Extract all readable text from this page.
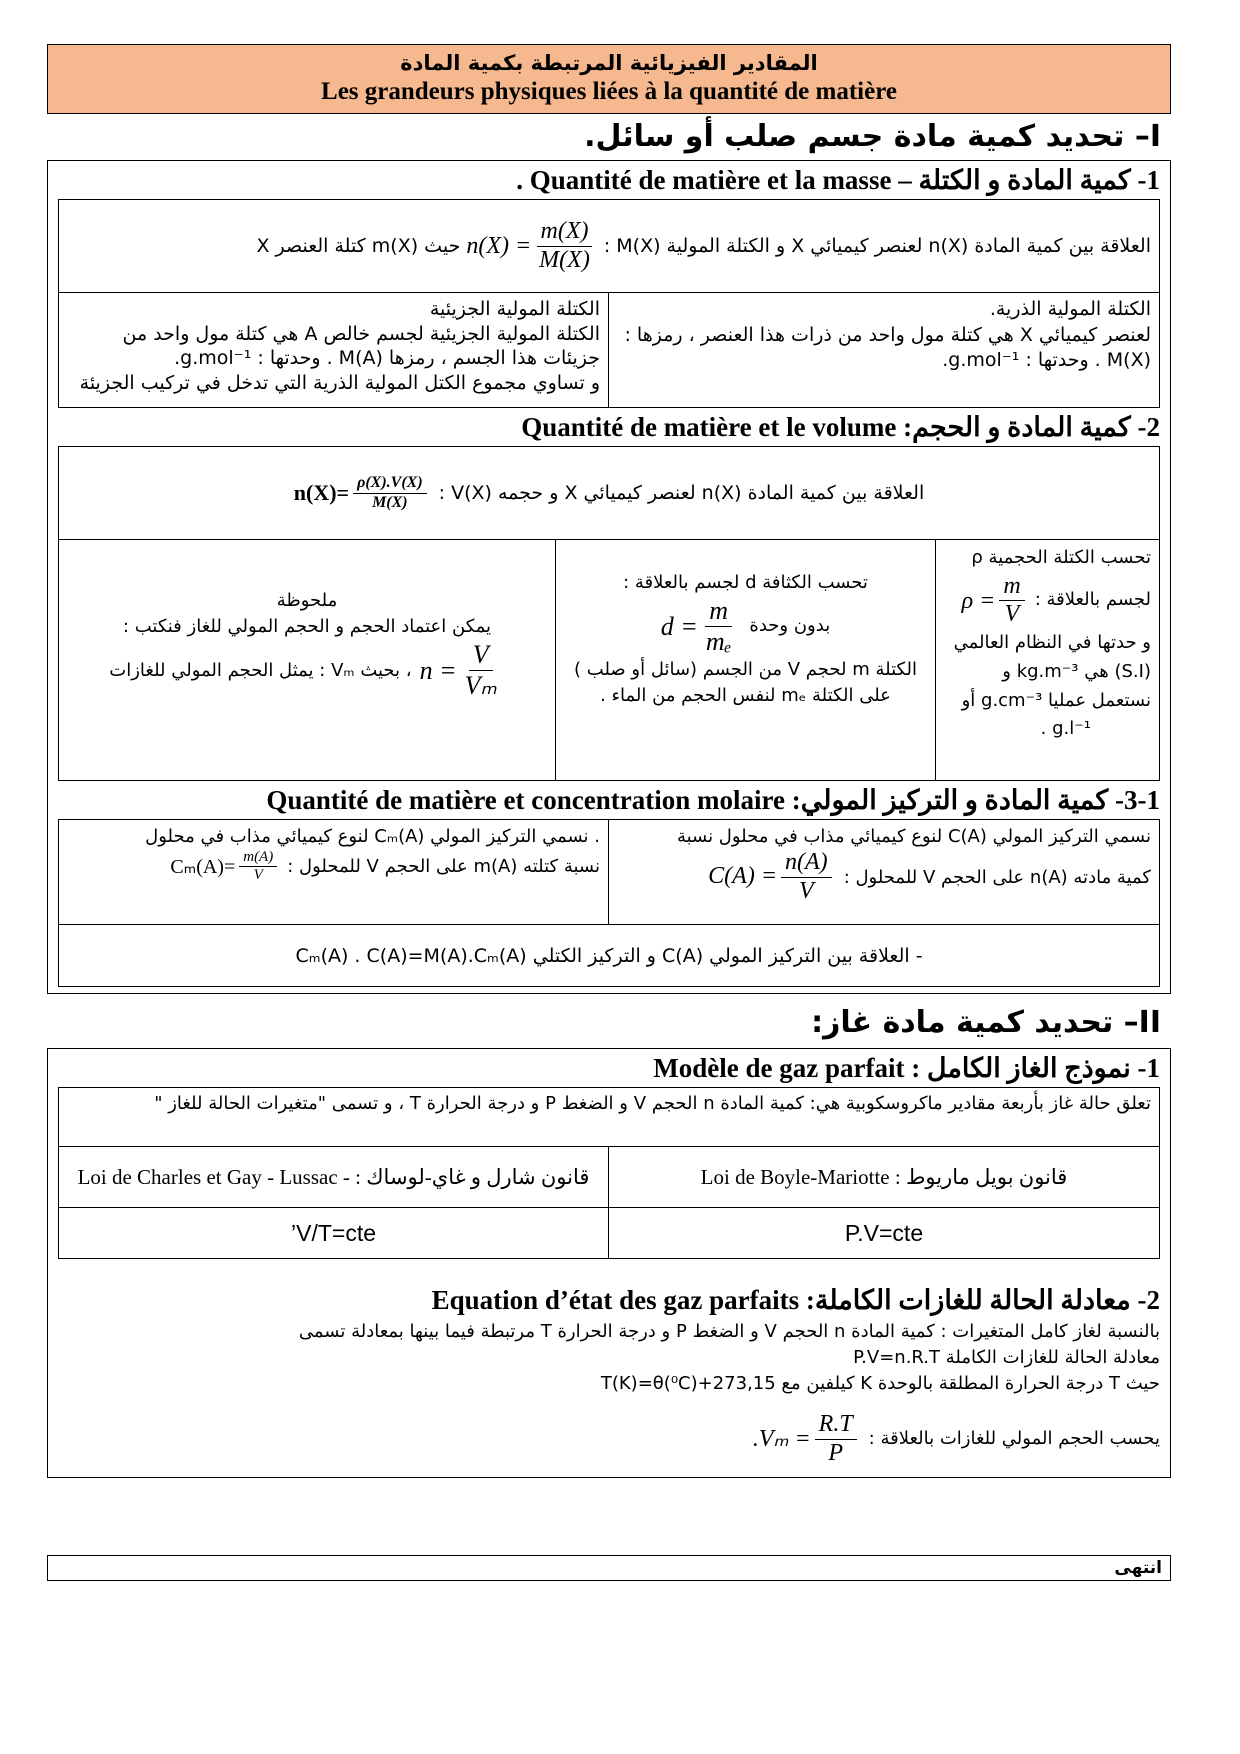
المقادير الفيزيائية المرتبطة بكمية المادة
Les grandeurs physiques liées à la quantité de matière
I– تحديد كمية مادة جسم صلب أو سائل.
1- كمية المادة و الكتلة – Quantité de matière et la masse .
العلاقة بين كمية المادة n(X) لعنصر كيميائي X و الكتلة المولية M(X) :
$n(X) = \frac{m(X)}{M(X)}$
حيث m(X) كتلة العنصر X
الكتلة المولية الذرية.
لعنصر كيميائي X هي كتلة مول واحد من ذرات هذا العنصر ، رمزها : M(X) . وحدتها : g.mol⁻¹.
الكتلة المولية الجزيئية
الكتلة المولية الجزيئية لجسم خالص A هي كتلة مول واحد من جزيئات هذا الجسم ، رمزها M(A) . وحدتها : g.mol⁻¹.
و تساوي مجموع الكتل المولية الذرية التي تدخل في تركيب الجزيئة
2- كمية المادة و الحجم: Quantité de matière et le volume
العلاقة بين كمية المادة n(X) لعنصر كيميائي X و حجمه V(X) :
$n(X)= \frac{\rho(X).V(X)}{M(X)}$
تحسب الكتلة الحجمية ρ
لجسم بالعلاقة :
$\rho = \frac{m}{V}$
و حدتها في النظام العالمي
(S.I) هي kg.m⁻³ و
نستعمل عمليا g.cm⁻³ أو
g.l⁻¹ .
تحسب الكثافة d لجسم بالعلاقة :
بدون وحدة
$d = \frac{m}{\text{mₑ}}$
الكتلة m لحجم V من الجسم (سائل أو صلب ) على الكتلة mₑ لنفس الحجم من الماء .
ملحوظة
يمكن اعتماد الحجم و الحجم المولي للغاز فنكتب :
$n = \frac{V}{\text{Vₘ}}$
، بحيث Vₘ : يمثل الحجم المولي للغازات
3-1- كمية المادة و التركيز المولي: Quantité de matière et concentration molaire
نسمي التركيز المولي C(A) لنوع كيميائي مذاب في محلول نسبة
كمية مادته n(A) على الحجم V للمحلول :
$C(A) = \frac{n(A)}{V}$
. نسمي التركيز المولي Cₘ(A) لنوع كيميائي مذاب في محلول
نسبة كتلته m(A) على الحجم V للمحلول :
$C_m(A)= \frac{m(A)}{V}$
- العلاقة بين التركيز المولي C(A) و التركيز الكتلي Cₘ(A) . C(A)=M(A).Cₘ(A)
II– تحديد كمية مادة غاز:
1- نموذج الغاز الكامل : Modèle de gaz parfait
تعلق حالة غاز بأربعة مقادير ماكروسكوبية هي: كمية المادة n الحجم V و الضغط P و درجة الحرارة T ، و تسمى "متغيرات الحالة للغاز "
قانون بويل ماريوط : Loi de Boyle-Mariotte
قانون شارل و غاي-لوساك : - Loi de Charles et Gay - Lussac
P.V=cte
V/T=cte’
2- معادلة الحالة للغازات الكاملة: Equation d’état des gaz parfaits
بالنسبة لغاز كامل المتغيرات : كمية المادة n الحجم V و الضغط P و درجة الحرارة T مرتبطة فيما بينها بمعادلة تسمى
معادلة الحالة للغازات الكاملة P.V=n.R.T
حيث T درجة الحرارة المطلقة بالوحدة K كيلفين مع T(K)=θ(⁰C)+273,15
يحسب الحجم المولي للغازات بالعلاقة :
. $V_m = \frac{R.T}{P}$
انتهى
